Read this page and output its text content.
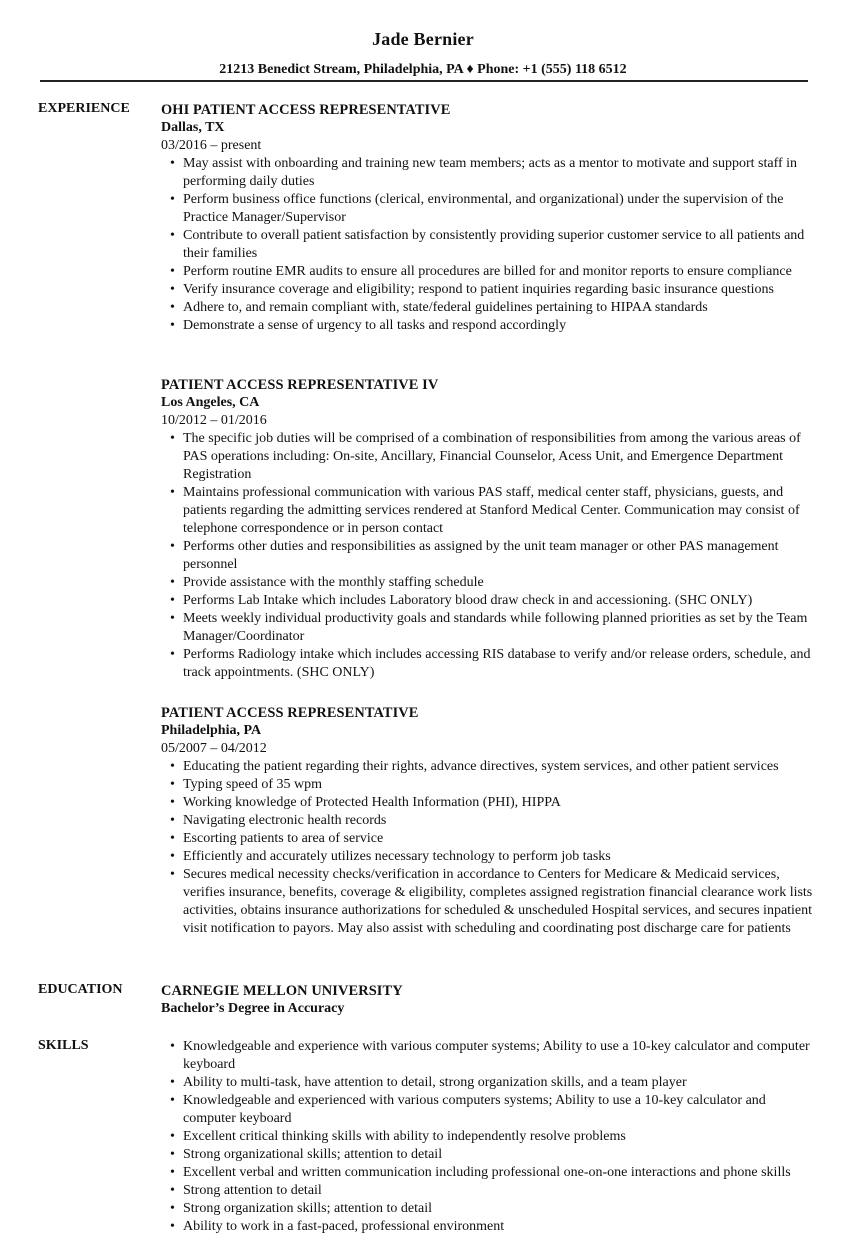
Jade Bernier
21213 Benedict Stream, Philadelphia, PA ♦ Phone: +1 (555) 118 6512
EXPERIENCE OHI PATIENT ACCESS REPRESENTATIVE
Dallas, TX
03/2016 – present
• May assist with onboarding and training new team members; acts as a mentor to motivate and support staff in performing daily duties
• Perform business office functions (clerical, environmental, and organizational) under the supervision of the Practice Manager/Supervisor
• Contribute to overall patient satisfaction by consistently providing superior customer service to all patients and their families
• Perform routine EMR audits to ensure all procedures are billed for and monitor reports to ensure compliance
• Verify insurance coverage and eligibility; respond to patient inquiries regarding basic insurance questions
• Adhere to, and remain compliant with, state/federal guidelines pertaining to HIPAA standards
• Demonstrate a sense of urgency to all tasks and respond accordingly
PATIENT ACCESS REPRESENTATIVE IV
Los Angeles, CA
10/2012 – 01/2016
• The specific job duties will be comprised of a combination of responsibilities from among the various areas of PAS operations including: On-site, Ancillary, Financial Counselor, Acess Unit, and Emergence Department Registration
• Maintains professional communication with various PAS staff, medical center staff, physicians, guests, and patients regarding the admitting services rendered at Stanford Medical Center. Communication may consist of telephone correspondence or in person contact
• Performs other duties and responsibilities as assigned by the unit team manager or other PAS management personnel
• Provide assistance with the monthly staffing schedule
• Performs Lab Intake which includes Laboratory blood draw check in and accessioning. (SHC ONLY)
• Meets weekly individual productivity goals and standards while following planned priorities as set by the Team Manager/Coordinator
• Performs Radiology intake which includes accessing RIS database to verify and/or release orders, schedule, and track appointments. (SHC ONLY)
PATIENT ACCESS REPRESENTATIVE
Philadelphia, PA
05/2007 – 04/2012
• Educating the patient regarding their rights, advance directives, system services, and other patient services
• Typing speed of 35 wpm
• Working knowledge of Protected Health Information (PHI), HIPPA
• Navigating electronic health records
• Escorting patients to area of service
• Efficiently and accurately utilizes necessary technology to perform job tasks
• Secures medical necessity checks/verification in accordance to Centers for Medicare & Medicaid services, verifies insurance, benefits, coverage & eligibility, completes assigned registration financial clearance work lists activities, obtains insurance authorizations for scheduled & unscheduled Hospital services, and secures inpatient visit notification to payors. May also assist with scheduling and coordinating post discharge care for patients
EDUCATION	CARNEGIE MELLON UNIVERSITY
Bachelor’s Degree in Accuracy
SKILLS
•	Knowledgeable and experience with various computer systems; Ability to use a 10-key calculator and computer keyboard
• Ability to multi-task, have attention to detail, strong organization skills, and a team player
• Knowledgeable and experienced with various computers systems; Ability to use a 10-key calculator and computer keyboard
• Excellent critical thinking skills with ability to independently resolve problems
• Strong organizational skills; attention to detail
• Excellent verbal and written communication including professional one-on-one interactions and phone skills
• Strong attention to detail
• Strong organization skills; attention to detail
• Ability to work in a fast-paced, professional environment
